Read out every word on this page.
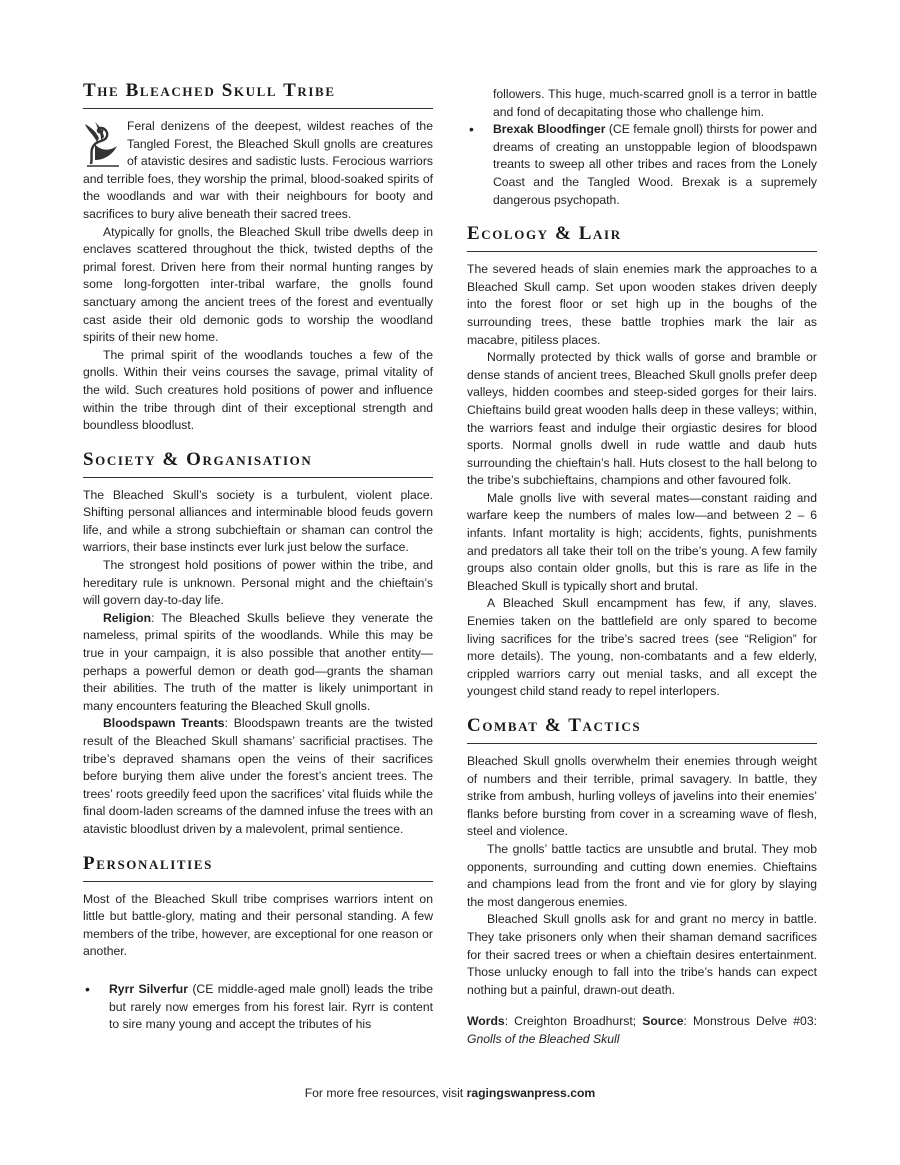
The Bleached Skull Tribe

Feral denizens of the deepest, wildest reaches of the Tangled Forest, the Bleached Skull gnolls are creatures of atavistic desires and sadistic lusts. Ferocious warriors and terrible foes, they worship the primal, blood-soaked spirits of the woodlands and war with their neighbours for booty and sacrifices to bury alive beneath their sacred trees.

Atypically for gnolls, the Bleached Skull tribe dwells deep in enclaves scattered throughout the thick, twisted depths of the primal forest. Driven here from their normal hunting ranges by some long-forgotten inter-tribal warfare, the gnolls found sanctuary among the ancient trees of the forest and eventually cast aside their old demonic gods to worship the woodland spirits of their new home.

The primal spirit of the woodlands touches a few of the gnolls. Within their veins courses the savage, primal vitality of the wild. Such creatures hold positions of power and influence within the tribe through dint of their exceptional strength and boundless bloodlust.

Society & Organisation

The Bleached Skull’s society is a turbulent, violent place. Shifting personal alliances and interminable blood feuds govern life, and while a strong subchieftain or shaman can control the warriors, their base instincts ever lurk just below the surface.

The strongest hold positions of power within the tribe, and hereditary rule is unknown. Personal might and the chieftain’s will govern day-to-day life.

Religion: The Bleached Skulls believe they venerate the nameless, primal spirits of the woodlands. While this may be true in your campaign, it is also possible that another entity—perhaps a powerful demon or death god—grants the shaman their abilities. The truth of the matter is likely unimportant in many encounters featuring the Bleached Skull gnolls.

Bloodspawn Treants: Bloodspawn treants are the twisted result of the Bleached Skull shamans’ sacrificial practises. The tribe’s depraved shamans open the veins of their sacrifices before burying them alive under the forest’s ancient trees. The trees’ roots greedily feed upon the sacrifices’ vital fluids while the final doom-laden screams of the damned infuse the trees with an atavistic bloodlust driven by a malevolent, primal sentience.

Personalities

Most of the Bleached Skull tribe comprises warriors intent on little but battle-glory, mating and their personal standing. A few members of the tribe, however, are exceptional for one reason or another.

• Ryrr Silverfur (CE middle-aged male gnoll) leads the tribe but rarely now emerges from his forest lair. Ryrr is content to sire many young and accept the tributes of his
followers. This huge, much-scarred gnoll is a terror in battle and fond of decapitating those who challenge him.
• Brexak Bloodfinger (CE female gnoll) thirsts for power and dreams of creating an unstoppable legion of bloodspawn treants to sweep all other tribes and races from the Lonely Coast and the Tangled Wood. Brexak is a supremely dangerous psychopath.
Ecology & Lair

The severed heads of slain enemies mark the approaches to a Bleached Skull camp. Set upon wooden stakes driven deeply into the forest floor or set high up in the boughs of the surrounding trees, these battle trophies mark the lair as macabre, pitiless places.

Normally protected by thick walls of gorse and bramble or dense stands of ancient trees, Bleached Skull gnolls prefer deep valleys, hidden coombes and steep-sided gorges for their lairs. Chieftains build great wooden halls deep in these valleys; within, the warriors feast and indulge their orgiastic desires for blood sports. Normal gnolls dwell in rude wattle and daub huts surrounding the chieftain’s hall. Huts closest to the hall belong to the tribe’s subchieftains, champions and other favoured folk.

Male gnolls live with several mates—constant raiding and warfare keep the numbers of males low—and between 2 – 6 infants. Infant mortality is high; accidents, fights, punishments and predators all take their toll on the tribe’s young. A few family groups also contain older gnolls, but this is rare as life in the Bleached Skull is typically short and brutal.

A Bleached Skull encampment has few, if any, slaves. Enemies taken on the battlefield are only spared to become living sacrifices for the tribe’s sacred trees (see “Religion” for more details). The young, non-combatants and a few elderly, crippled warriors carry out menial tasks, and all except the youngest child stand ready to repel interlopers.

Combat & Tactics

Bleached Skull gnolls overwhelm their enemies through weight of numbers and their terrible, primal savagery. In battle, they strike from ambush, hurling volleys of javelins into their enemies’ flanks before bursting from cover in a screaming wave of flesh, steel and violence.

The gnolls’ battle tactics are unsubtle and brutal. They mob opponents, surrounding and cutting down enemies. Chieftains and champions lead from the front and vie for glory by slaying the most dangerous enemies.

Bleached Skull gnolls ask for and grant no mercy in battle. They take prisoners only when their shaman demand sacrifices for their sacred trees or when a chieftain desires entertainment. Those unlucky enough to fall into the tribe’s hands can expect nothing but a painful, drawn-out death.

Words: Creighton Broadhurst; Source: Monstrous Delve #03: Gnolls of the Bleached Skull

For more free resources, visit ragingswanpress.com
